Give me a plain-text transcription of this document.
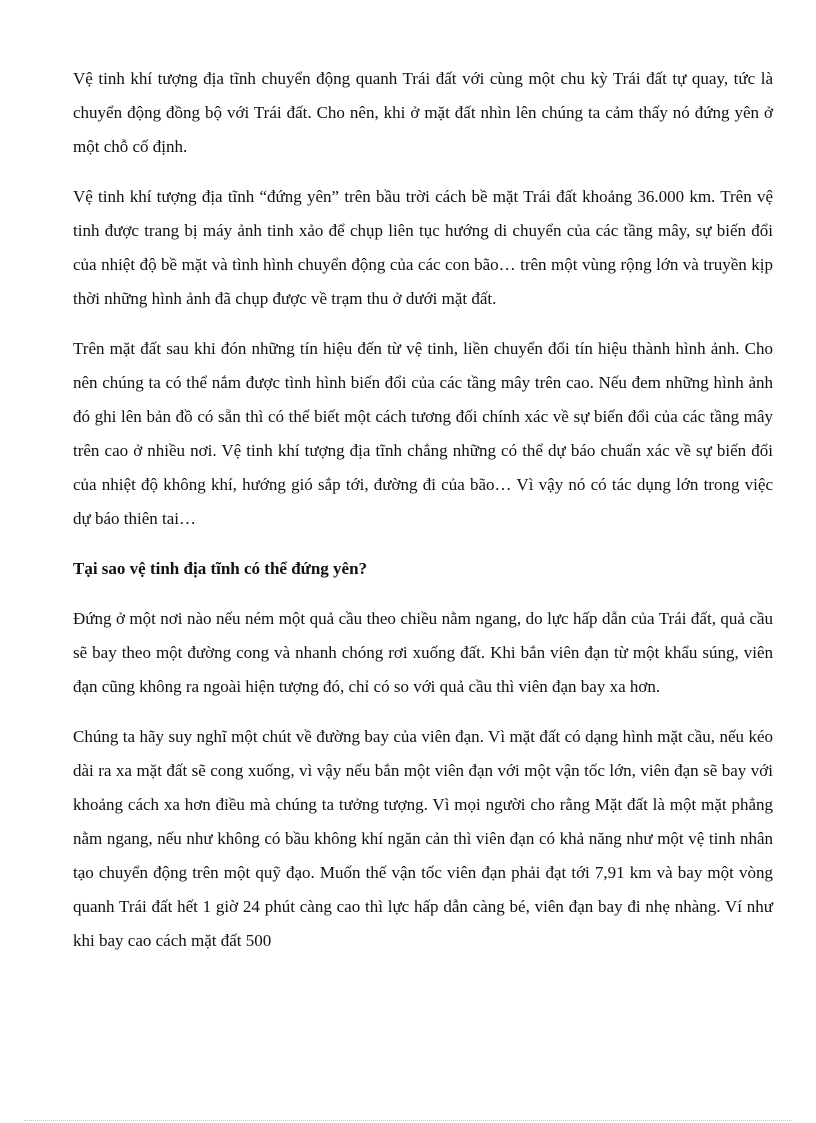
Vệ tinh khí tượng địa tĩnh chuyển động quanh Trái đất với cùng một chu kỳ Trái đất tự quay, tức là chuyển động đồng bộ với Trái đất. Cho nên, khi ở mặt đất nhìn lên chúng ta cảm thấy nó đứng yên ở một chỗ cố định.

Vệ tinh khí tượng địa tĩnh “đứng yên” trên bầu trời cách bề mặt Trái đất khoảng 36.000 km. Trên vệ tinh được trang bị máy ảnh tinh xảo để chụp liên tục hướng di chuyển của các tầng mây, sự biến đổi của nhiệt độ bề mặt và tình hình chuyển động của các con bão… trên một vùng rộng lớn và truyền kịp thời những hình ảnh đã chụp được về trạm thu ở dưới mặt đất.

Trên mặt đất sau khi đón những tín hiệu đến từ vệ tinh, liền chuyển đổi tín hiệu thành hình ảnh. Cho nên chúng ta có thể nắm được tình hình biến đổi của các tầng mây trên cao. Nếu đem những hình ảnh đó ghi lên bản đồ có sẵn thì có thể biết một cách tương đối chính xác về sự biến đổi của các tầng mây trên cao ở nhiều nơi. Vệ tinh khí tượng địa tĩnh chẳng những có thể dự báo chuẩn xác về sự biến đổi của nhiệt độ không khí, hướng gió sắp tới, đường đi của bão… Vì vậy nó có tác dụng lớn trong việc dự báo thiên tai…

Tại sao vệ tinh địa tĩnh có thể đứng yên?

Đứng ở một nơi nào nếu ném một quả cầu theo chiều nằm ngang, do lực hấp dẫn của Trái đất, quả cầu sẽ bay theo một đường cong và nhanh chóng rơi xuống đất. Khi bắn viên đạn từ một khẩu súng, viên đạn cũng không ra ngoài hiện tượng đó, chỉ có so với quả cầu thì viên đạn bay xa hơn.

Chúng ta hãy suy nghĩ một chút về đường bay của viên đạn. Vì mặt đất có dạng hình mặt cầu, nếu kéo dài ra xa mặt đất sẽ cong xuống, vì vậy nếu bắn một viên đạn với một vận tốc lớn, viên đạn sẽ bay với khoảng cách xa hơn điều mà chúng ta tưởng tượng. Vì mọi người cho rằng Mặt đất là một mặt phẳng nằm ngang, nếu như không có bầu không khí ngăn cản thì viên đạn có khả năng như một vệ tinh nhân tạo chuyển động trên một quỹ đạo. Muốn thế vận tốc viên đạn phải đạt tới 7,91 km và bay một vòng quanh Trái đất hết 1 giờ 24 phút càng cao thì lực hấp dẫn càng bé, viên đạn bay đi nhẹ nhàng. Ví như khi bay cao cách mặt đất 500
